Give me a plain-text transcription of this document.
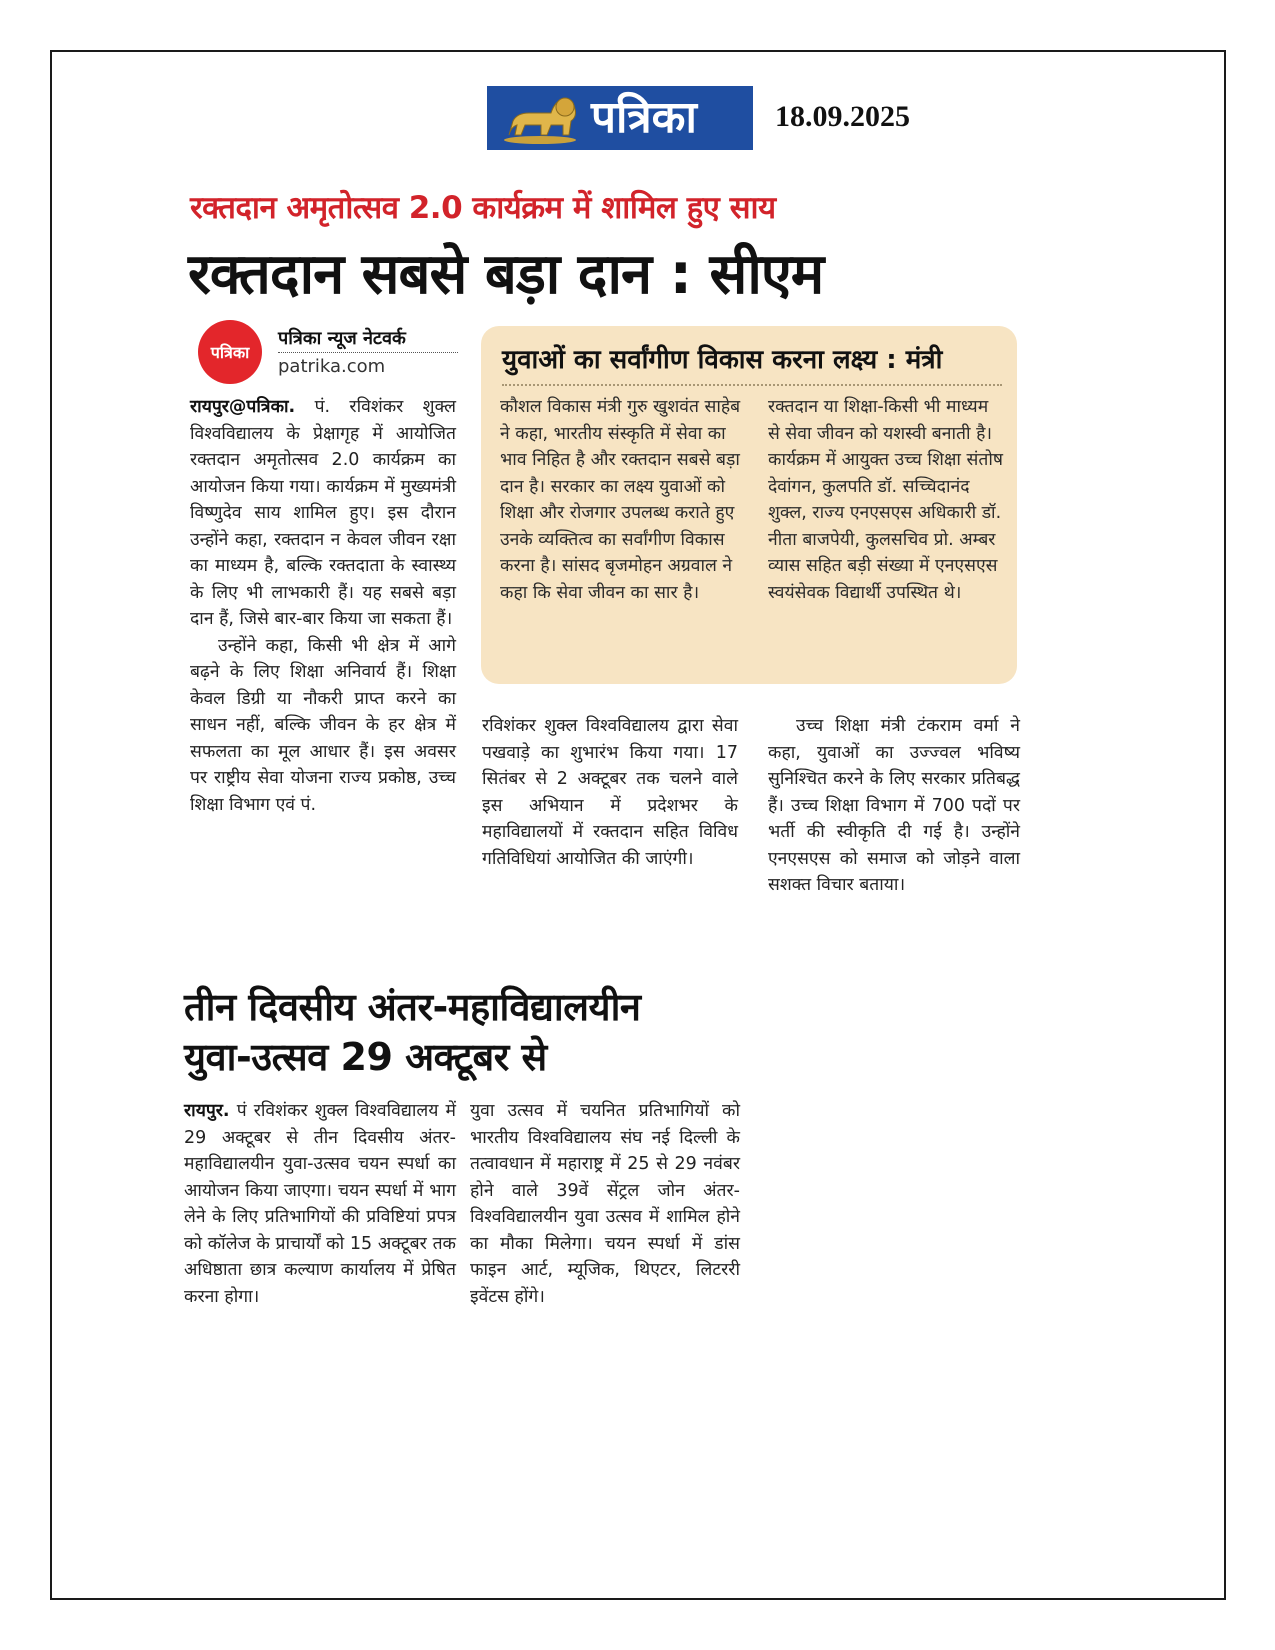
पत्रिका	18.09.2025
रक्तदान अमृतोत्सव 2.0 कार्यक्रम में शामिल हुए साय
रक्तदान सबसे बड़ा दान : सीएम
पत्रिका
पत्रिका न्यूज नेटवर्क
patrika.com	युवाओं का सर्वांगीण विकास करना लक्ष्य : मंत्री

कौशल विकास मंत्री गुरु खुशवंत साहेब ने कहा, भारतीय संस्कृति में सेवा का भाव निहित है और रक्तदान सबसे बड़ा दान है। सरकार का लक्ष्य युवाओं को शिक्षा और रोजगार उपलब्ध कराते हुए उनके व्यक्तित्व का सर्वांगीण विकास करना है। सांसद बृजमोहन अग्रवाल ने कहा कि सेवा जीवन का सार है।

रक्तदान या शिक्षा-किसी भी माध्यम से सेवा जीवन को यशस्वी बनाती है। कार्यक्रम में आयुक्त उच्च शिक्षा संतोष देवांगन, कुलपति डॉ. सच्चिदानंद शुक्ल, राज्य एनएसएस अधिकारी डॉ. नीता बाजपेयी, कुलसचिव प्रो. अम्बर व्यास सहित बड़ी संख्या में एनएसएस स्वयंसेवक विद्यार्थी उपस्थित थे।

रायपुर@पत्रिका. पं. रविशंकर शुक्ल विश्वविद्यालय के प्रेक्षागृह में आयोजित रक्तदान अमृतोत्सव 2.0 कार्यक्रम का आयोजन किया गया। कार्यक्रम में मुख्यमंत्री विष्णुदेव साय शामिल हुए। इस दौरान उन्होंने कहा, रक्तदान न केवल जीवन रक्षा का माध्यम है, बल्कि रक्तदाता के स्वास्थ्य के लिए भी लाभकारी हैं। यह सबसे बड़ा दान हैं, जिसे बार-बार किया जा सकता हैं।

उन्होंने कहा, किसी भी क्षेत्र में आगे बढ़ने के लिए शिक्षा अनिवार्य हैं। शिक्षा केवल डिग्री या नौकरी प्राप्त करने का साधन नहीं, बल्कि जीवन के हर क्षेत्र में सफलता का मूल आधार हैं। इस अवसर पर राष्ट्रीय सेवा योजना राज्य प्रकोष्ठ, उच्च शिक्षा विभाग एवं पं.

रविशंकर शुक्ल विश्वविद्यालय द्वारा सेवा पखवाड़े का शुभारंभ किया गया। 17 सितंबर से 2 अक्टूबर तक चलने वाले इस अभियान में प्रदेशभर के महाविद्यालयों में रक्तदान सहित विविध गतिविधियां आयोजित की जाएंगी।

उच्च शिक्षा मंत्री टंकराम वर्मा ने कहा, युवाओं का उज्ज्वल भविष्य सुनिश्चित करने के लिए सरकार प्रतिबद्ध हैं। उच्च शिक्षा विभाग में 700 पदों पर भर्ती की स्वीकृति दी गई है। उन्होंने एनएसएस को समाज को जोड़ने वाला सशक्त विचार बताया।

तीन दिवसीय अंतर-महाविद्यालयीन
युवा-उत्सव 29 अक्टूबर से

रायपुर. पं रविशंकर शुक्ल विश्वविद्यालय में 29 अक्टूबर से तीन दिवसीय अंतर-महाविद्यालयीन युवा-उत्सव चयन स्पर्धा का आयोजन किया जाएगा। चयन स्पर्धा में भाग लेने के लिए प्रतिभागियों की प्रविष्टियां प्रपत्र को कॉलेज के प्राचार्यों को 15 अक्टूबर तक अधिष्ठाता छात्र कल्याण कार्यालय में प्रेषित करना होगा।

युवा उत्सव में चयनित प्रतिभागियों को भारतीय विश्वविद्यालय संघ नई दिल्ली के तत्वावधान में महाराष्ट्र में 25 से 29 नवंबर होने वाले 39वें सेंट्रल जोन अंतर-विश्वविद्यालयीन युवा उत्सव में शामिल होने का मौका मिलेगा। चयन स्पर्धा में डांस फाइन आर्ट, म्यूजिक, थिएटर, लिटररी इवेंटस होंगे।
